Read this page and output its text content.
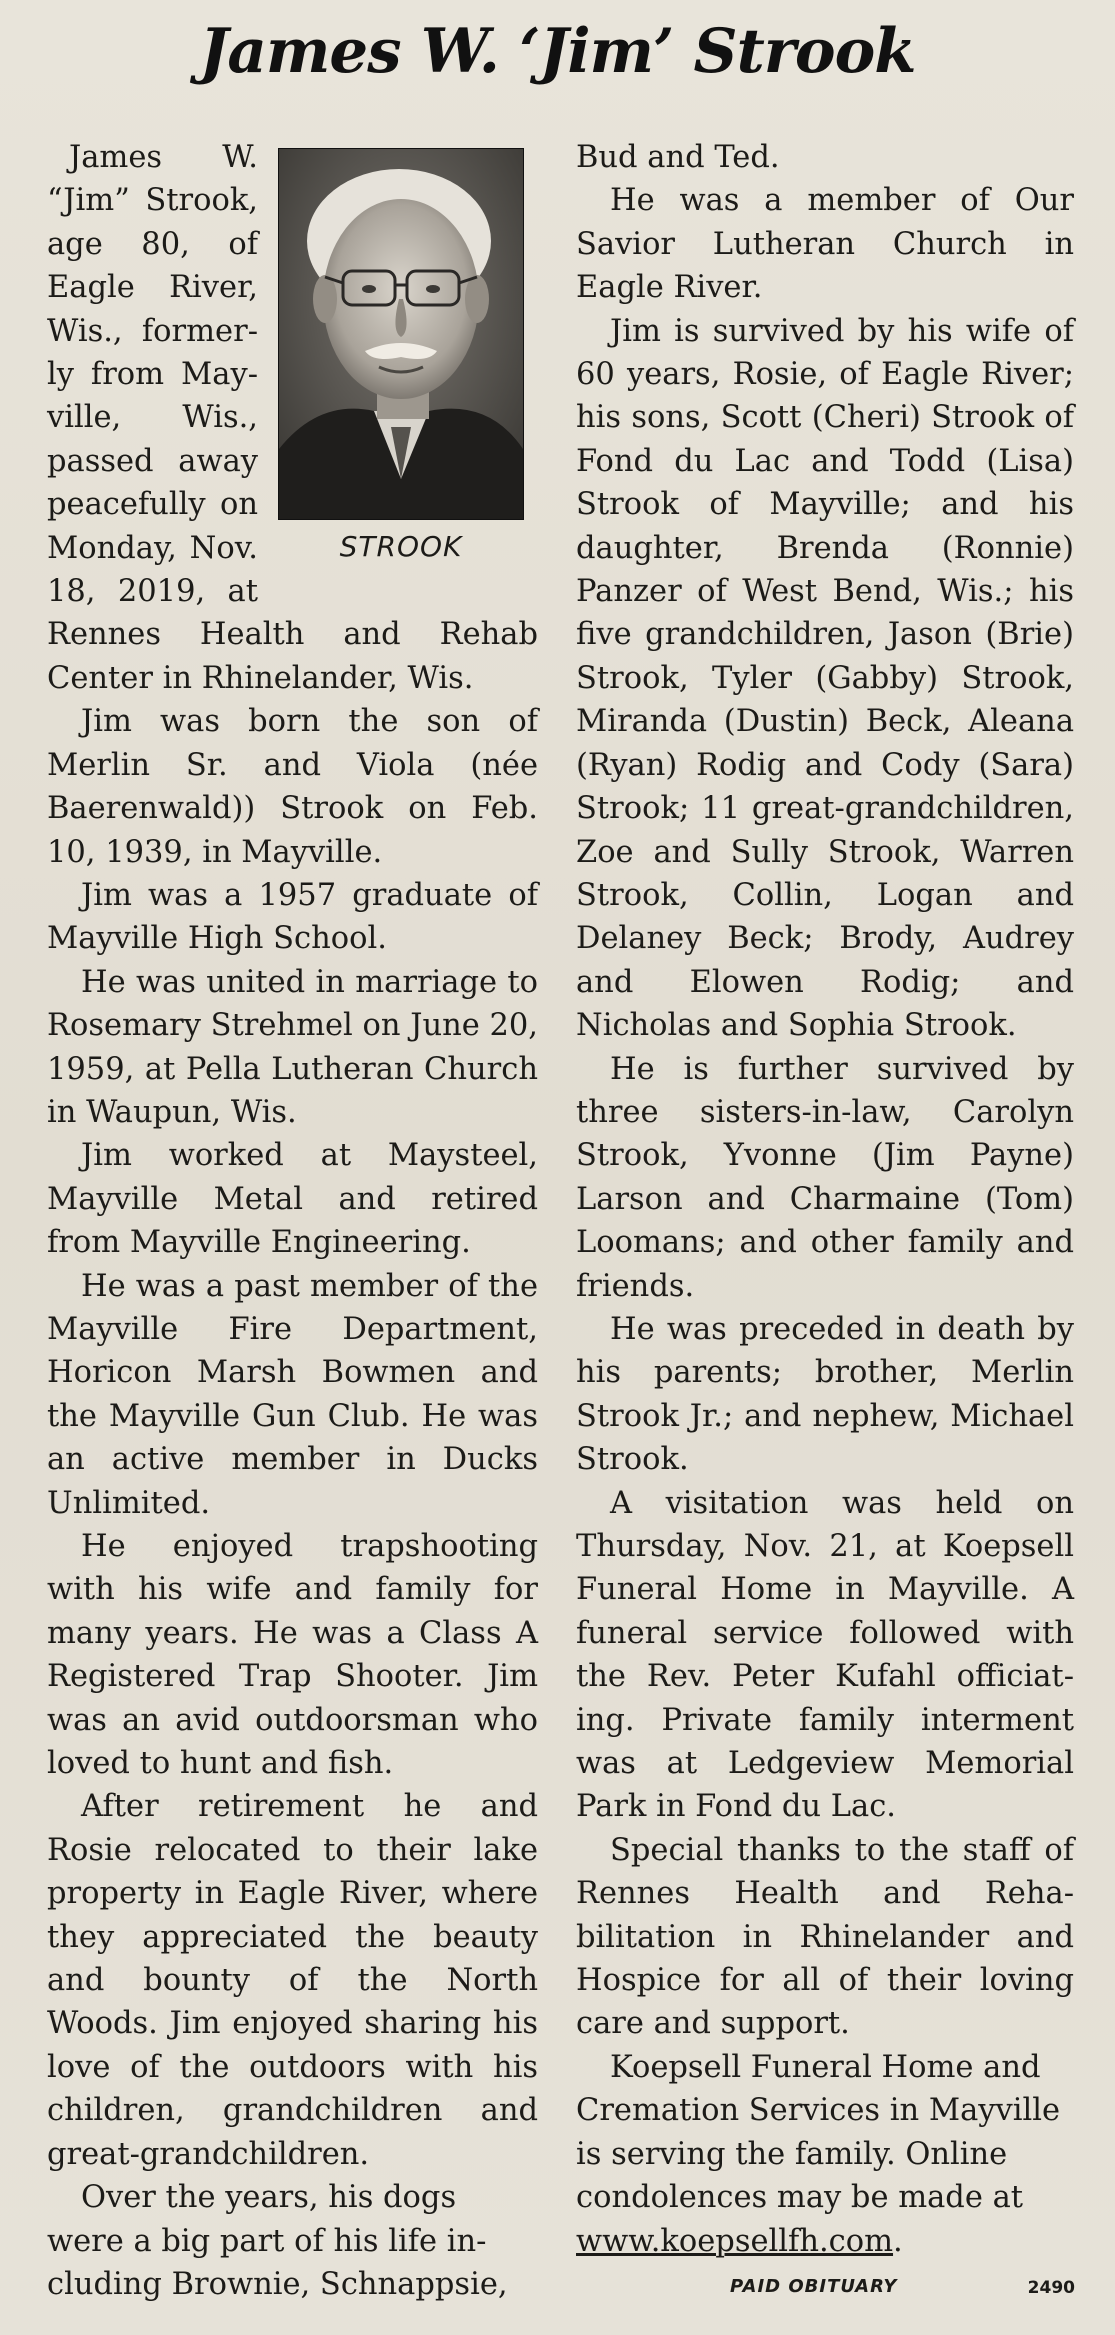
James W. ‘Jim’ Strook
STROOK

James W. “Jim” Strook, age 80, of Eagle River, Wis., formerly from Mayville, Wis., passed away peacefully on Monday, Nov. 18, 2019, at Rennes Health and Rehab Center in Rhinelander, Wis.

Jim was born the son of Merlin Sr. and Viola (née Baerenwald)) Strook on Feb. 10, 1939, in Mayville.

Jim was a 1957 graduate of Mayville High School.

He was united in marriage to Rosemary Strehmel on June 20, 1959, at Pella Lutheran Church in Waupun, Wis.

Jim worked at Maysteel, Mayville Metal and retired from Mayville Engineering.

He was a past member of the Mayville Fire Department, Horicon Marsh Bowmen and the Mayville Gun Club. He was an active member in Ducks Unlimited.

He enjoyed trapshooting with his wife and family for many years. He was a Class A Registered Trap Shooter. Jim was an avid outdoorsman who loved to hunt and fish.

After retirement he and Rosie relocated to their lake property in Eagle River, where they appreciated the beauty and bounty of the North Woods. Jim enjoyed sharing his love of the outdoors with his children, grandchildren and great-grandchildren.

Over the years, his dogs were a big part of his life including Brownie, Schnappsie,

Bud and Ted.

He was a member of Our Savior Lutheran Church in Eagle River.

Jim is survived by his wife of 60 years, Rosie, of Eagle River; his sons, Scott (Cheri) Strook of Fond du Lac and Todd (Lisa) Strook of Mayville; and his daughter, Brenda (Ronnie) Panzer of West Bend, Wis.; his five grandchildren, Jason (Brie) Strook, Tyler (Gabby) Strook, Miranda (Dustin) Beck, Aleana (Ryan) Rodig and Cody (Sara) Strook; 11 great-grandchildren, Zoe and Sully Strook, Warren Strook, Collin, Logan and Delaney Beck; Brody, Audrey and Elowen Rodig; and Nicholas and Sophia Strook.

He is further survived by three sisters-in-law, Carolyn Strook, Yvonne (Jim Payne) Larson and Charmaine (Tom) Loomans; and other family and friends.

He was preceded in death by his parents; brother, Merlin Strook Jr.; and nephew, Michael Strook.

A visitation was held on Thursday, Nov. 21, at Koepsell Funeral Home in Mayville. A funeral service followed with the Rev. Peter Kufahl officiating. Private family interment was at Ledgeview Memorial Park in Fond du Lac.

Special thanks to the staff of Rennes Health and Rehabilitation in Rhinelander and Hospice for all of their loving care and support.

Koepsell Funeral Home and Cremation Services in Mayville is serving the family. Online condolences may be made at www.koepsellfh.com.

PAID OBITUARY	2490
